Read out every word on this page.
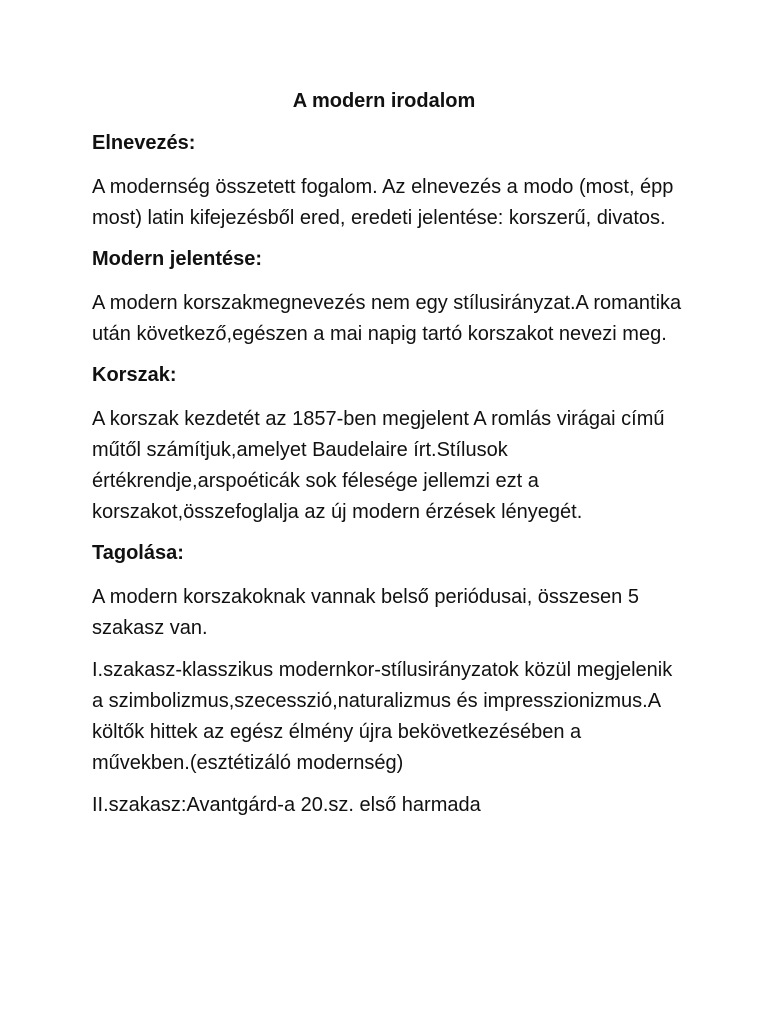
A modern irodalom
Elnevezés:

A modernség összetett fogalom. Az elnevezés a modo (most, épp most) latin kifejezésből ered, eredeti jelentése: korszerű, divatos.

Modern jelentése:

A modern korszakmegnevezés nem egy stílusirányzat.A romantika után következő,egészen a mai napig tartó korszakot nevezi meg.

Korszak:

A korszak kezdetét az 1857-ben megjelent A romlás virágai című műtől számítjuk,amelyet Baudelaire írt.Stílusok értékrendje,arspoéticák sok félesége jellemzi ezt a korszakot,összefoglalja az új modern érzések lényegét.

Tagolása:

A modern korszakoknak vannak belső periódusai, összesen 5 szakasz van.

I.szakasz-klasszikus modernkor-stílusirányzatok közül megjelenik a szimbolizmus,szecesszió,naturalizmus és impresszionizmus.A költők hittek az egész élmény újra bekövetkezésében a művekben.(esztétizáló modernség)

II.szakasz:Avantgárd-a 20.sz. első harmada
